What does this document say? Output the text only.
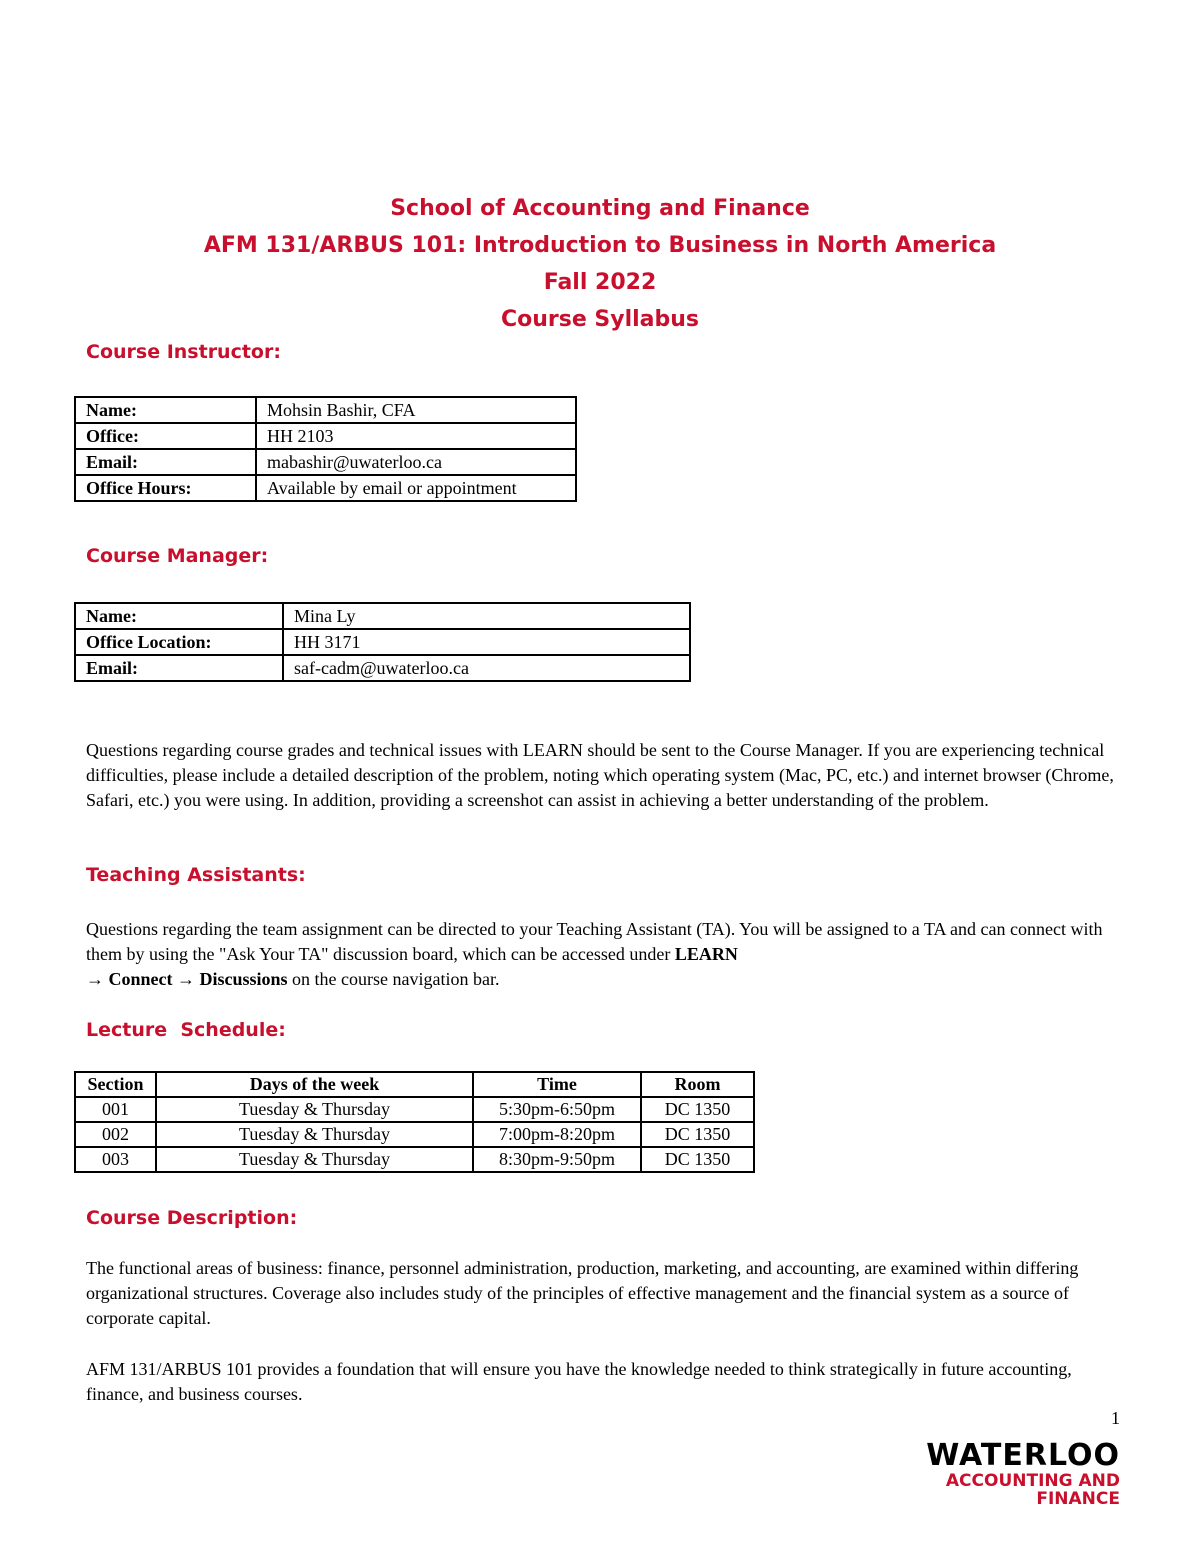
School of Accounting and Finance
AFM 131/ARBUS 101: Introduction to Business in North America
Fall 2022
Course Syllabus
Course Instructor:
Name:	Mohsin Bashir, CFA
Office:	HH 2103
Email:	mabashir@uwaterloo.ca
Office Hours:	Available by email or appointment
Course Manager:
Name:	Mina Ly
Office Location:	HH 3171
Email:	saf-cadm@uwaterloo.ca
Questions regarding course grades and technical issues with LEARN should be sent to the Course Manager. If you are experiencing technical difficulties, please include a detailed description of the problem, noting which operating system (Mac, PC, etc.) and internet browser (Chrome, Safari, etc.) you were using. In addition, providing a screenshot can assist in achieving a better understanding of the problem.
Teaching Assistants:
Questions regarding the team assignment can be directed to your Teaching Assistant (TA). You will be assigned to a TA and can connect with them by using the "Ask Your TA" discussion board, which can be accessed under LEARN
→ Connect → Discussions on the course navigation bar.
Lecture  Schedule:
Section	Days of the week	Time	Room
001	Tuesday & Thursday	5:30pm-6:50pm	DC 1350
002	Tuesday & Thursday	7:00pm-8:20pm	DC 1350
003	Tuesday & Thursday	8:30pm-9:50pm	DC 1350
Course Description:
The functional areas of business: finance, personnel administration, production, marketing, and accounting, are examined within differing organizational structures. Coverage also includes study of the principles of effective management and the financial system as a source of corporate capital.
AFM 131/ARBUS 101 provides a foundation that will ensure you have the knowledge needed to think strategically in future accounting, finance, and business courses.
1
WATERLOO
ACCOUNTING AND
FINANCE
